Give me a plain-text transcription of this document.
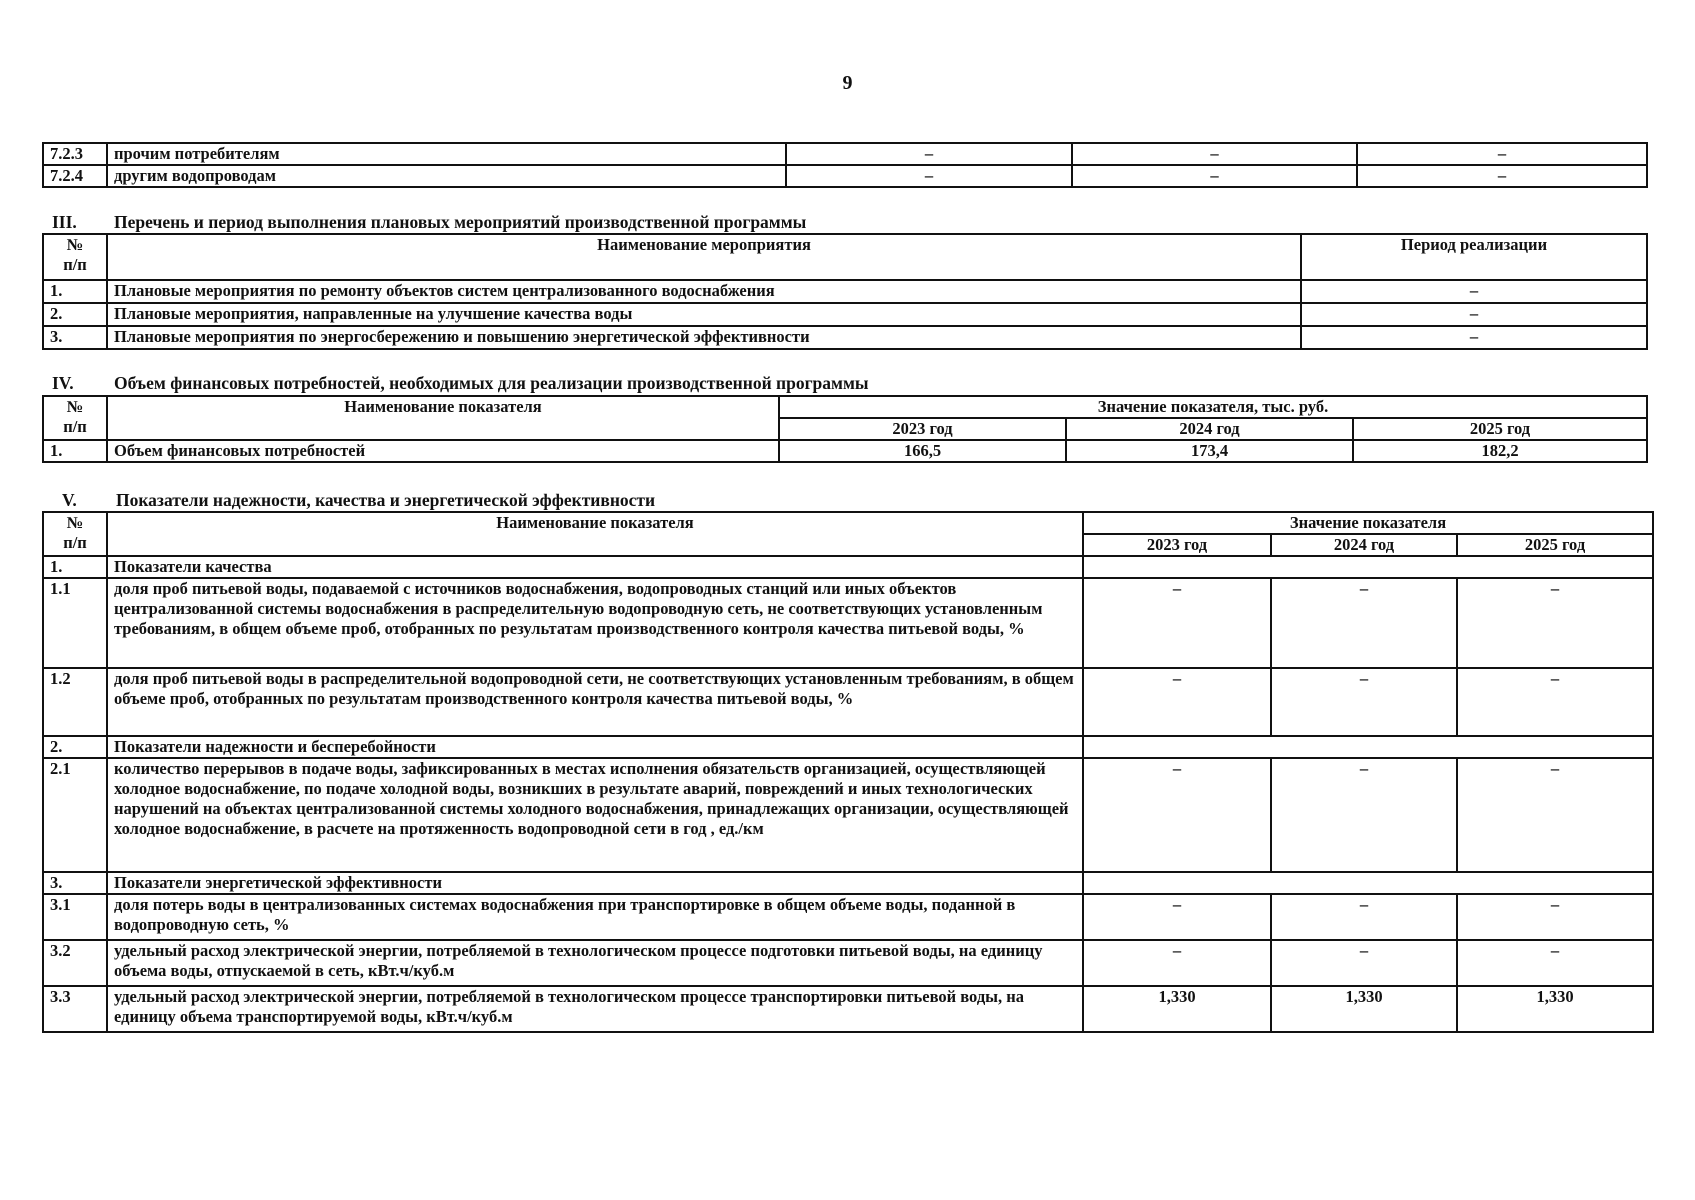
9
7.2.3	прочим потребителям	–	–	–
7.2.4	другим водопроводам	–	–	–
III. Перечень и период выполнения плановых мероприятий производственной программы
№
п/п	Наименование мероприятия	Период реализации
1.	Плановые мероприятия по ремонту объектов систем централизованного водоснабжения	–
2.	Плановые мероприятия, направленные на улучшение качества воды	–
3.	Плановые мероприятия по энергосбережению и повышению энергетической эффективности	–
IV. Объем финансовых потребностей, необходимых для реализации производственной программы
№
п/п	Наименование показателя	Значение показателя, тыс. руб.		
		2023 год	2024 год	2025 год
1.	Объем финансовых потребностей	166,5	173,4	182,2
V. Показатели надежности, качества и энергетической эффективности
№
п/п	Наименование показателя	Значение показателя		
		2023 год	2024 год	2025 год
1.	Показатели качества			
1.1	доля проб питьевой воды, подаваемой с источников водоснабжения, водопроводных станций или иных объектов централизованной системы водоснабжения в распределительную водопроводную сеть, не соответствующих установленным требованиям, в общем объеме проб, отобранных по результатам производственного контроля качества питьевой воды, %	–	–	–
1.2	доля проб питьевой воды в распределительной водопроводной сети, не соответствующих установленным требованиям, в общем объеме проб, отобранных по результатам производственного контроля качества питьевой воды, %	–	–	–
2.	Показатели надежности и бесперебойности			
2.1	количество перерывов в подаче воды, зафиксированных в местах исполнения обязательств организацией, осуществляющей холодное водоснабжение, по подаче холодной воды, возникших в результате аварий, повреждений и иных технологических нарушений на объектах централизованной системы холодного водоснабжения, принадлежащих организации, осуществляющей холодное водоснабжение, в расчете на протяженность водопроводной сети в год , ед./км	–	–	–
3.	Показатели энергетической эффективности			
3.1	доля потерь воды в централизованных системах водоснабжения при транспортировке в общем объеме воды, поданной в водопроводную сеть, %	–	–	–
3.2	удельный расход электрической энергии, потребляемой в технологическом процессе подготовки питьевой воды, на единицу объема воды, отпускаемой в сеть, кВт.ч/куб.м	–	–	–
3.3	удельный расход электрической энергии, потребляемой в технологическом процессе транспортировки питьевой воды, на единицу объема транспортируемой воды, кВт.ч/куб.м	1,330	1,330	1,330
